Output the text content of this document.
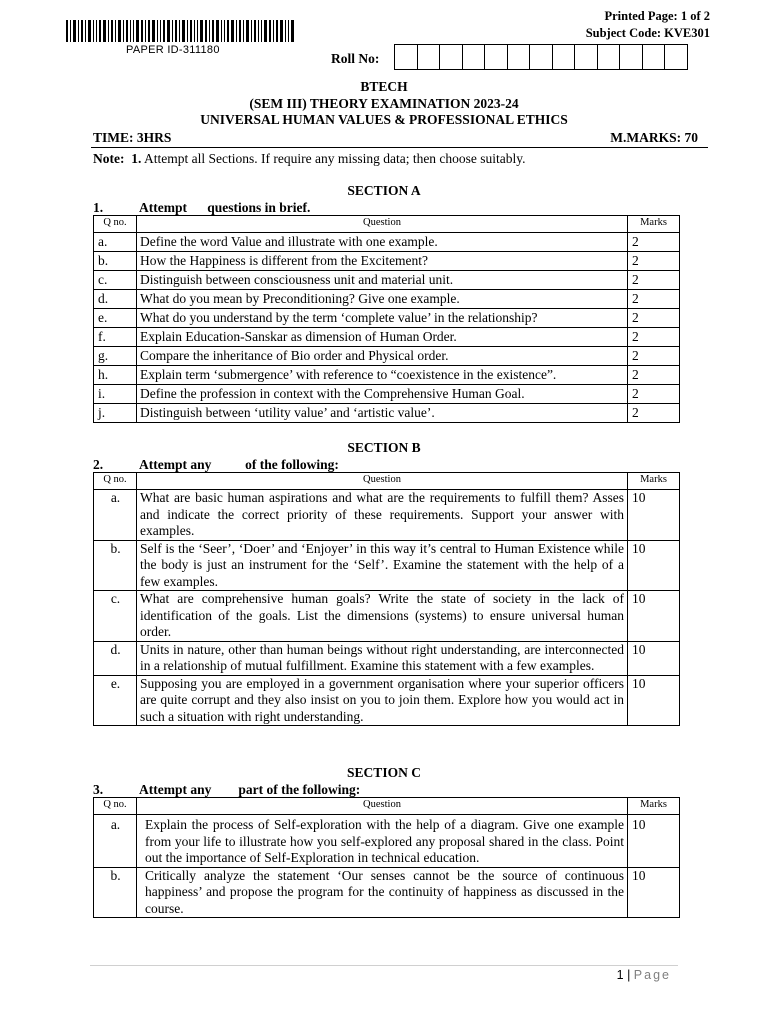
PAPER ID-311180
Printed Page: 1 of 2
Subject Code: KVE301
Roll No:
BTECH
(SEM III) THEORY EXAMINATION 2023-24
UNIVERSAL HUMAN VALUES & PROFESSIONAL ETHICS
TIME: 3HRS	M.MARKS: 70
Note: 1. Attempt all Sections. If require any missing data; then choose suitably.
SECTION A
1.	Attempt      questions in brief.
Q no.	Question	Marks
a.	Define the word Value and illustrate with one example.	2
b.	How the Happiness is different from the Excitement?	2
c.	Distinguish between consciousness unit and material unit.	2
d.	What do you mean by Preconditioning? Give one example.	2
e.	What do you understand by the term ‘complete value’ in the relationship?	2
f.	Explain Education-Sanskar as dimension of Human Order.	2
g.	Compare the inheritance of Bio order and Physical order.	2
h.	Explain term ‘submergence’ with reference to “coexistence in the existence”.	2
i.	Define the profession in context with the Comprehensive Human Goal.	2
j.	Distinguish between ‘utility value’ and ‘artistic value’.	2
SECTION B
2.	Attempt any          of the following:
Q no.	Question	Marks
a.	What are basic human aspirations and what are the requirements to fulfill them? Asses and indicate the correct priority of these requirements. Support your answer with examples.	10
b.	Self is the ‘Seer’, ‘Doer’ and ‘Enjoyer’ in this way it’s central to Human Existence while the body is just an instrument for the ‘Self’. Examine the statement with the help of a few examples.	10
c.	What are comprehensive human goals? Write the state of society in the lack of identification of the goals. List the dimensions (systems) to ensure universal human order.	10
d.	Units in nature, other than human beings without right understanding, are interconnected in a relationship of mutual fulfillment. Examine this statement with a few examples.	10
e.	Supposing you are employed in a government organisation where your superior officers are quite corrupt and they also insist on you to join them. Explore how you would act in such a situation with right understanding.	10
SECTION C
3.	Attempt any        part of the following:
Q no.	Question	Marks
a.	Explain the process of Self-exploration with the help of a diagram. Give one example from your life to illustrate how you self-explored any proposal shared in the class. Point out the importance of Self-Exploration in technical education.	10
b.	Critically analyze the statement ‘Our senses cannot be the source of continuous happiness’ and propose the program for the continuity of happiness as discussed in the course.	10
1 | Page
